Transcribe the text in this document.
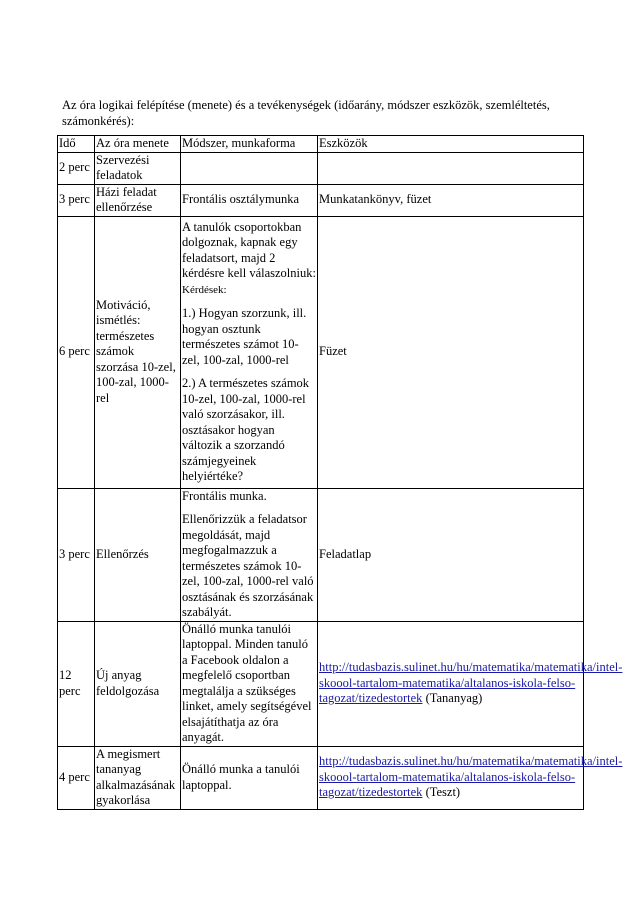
Az óra logikai felépítése (menete) és a tevékenységek (időarány, módszer eszközök, szemléltetés, számonkérés):

Idő	Az óra menete	Módszer, munkaforma	Eszközök
2 perc	Szervezési feladatok		
3 perc	Házi feladat ellenőrzése	Frontális osztálymunka	Munkatankönyv, füzet
6 perc	Motiváció, ismétlés: természetes számok szorzása 10-zel, 100-zal, 1000-rel	A tanulók csoportokban dolgoznak, kapnak egy feladatsort, majd 2 kérdésre kell válaszolniuk: Kérdések:

1.) Hogyan szorzunk, ill. hogyan osztunk természetes számot 10-zel, 100-zal, 1000-rel

2.) A természetes számok 10-zel, 100-zal, 1000-rel való szorzásakor, ill. osztásakor hogyan változik a szorzandó számjegyeinek helyiértéke?	Füzet
3 perc	Ellenőrzés	Frontális munka.

Ellenőrizzük a feladatsor megoldását, majd megfogalmazzuk a természetes számok 10-zel, 100-zal, 1000-rel való osztásának és szorzásának szabályát.	Feladatlap
12 perc	Új anyag feldolgozása	Önálló munka tanulói laptoppal. Minden tanuló a Facebook oldalon a megfelelő csoportban megtalálja a szükséges linket, amely segítségével elsajátíthatja az óra anyagát.	http://tudasbazis.sulinet.hu/hu/matematika/matematika/intel-skoool-tartalom-matematika/altalanos-iskola-felso-tagozat/tizedestortek (Tananyag)
4 perc	A megismert tananyag alkalmazásának gyakorlása	Önálló munka a tanulói laptoppal.	http://tudasbazis.sulinet.hu/hu/matematika/matematika/intel-skoool-tartalom-matematika/altalanos-iskola-felso-tagozat/tizedestortek (Teszt)
